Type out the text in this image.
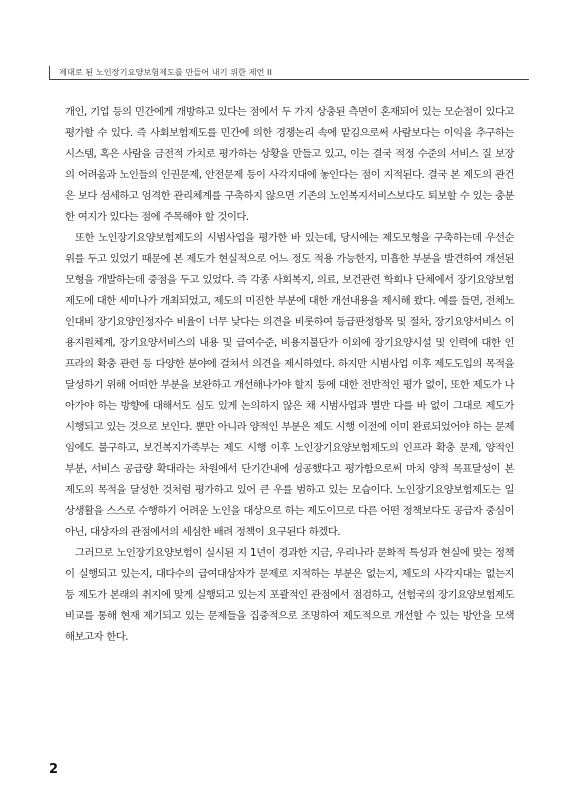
제대로 된 노인장기요양보험제도를 만들어 내기 위한 제언 II

개인, 기업 등의 민간에게 개방하고 있다는 점에서 두 가지 상충된 측면이 혼재되어 있는 모순점이 있다고 평가할 수 있다. 즉 사회보험제도를 민간에 의한 경쟁논리 속에 맡김으로써 사람보다는 이익을 추구하는 시스템, 혹은 사람을 금전적 가치로 평가하는 상황을 만들고 있고, 이는 결국 적정 수준의 서비스 질 보장의 어려움과 노인들의 인권문제, 안전문제 등이 사각지대에 놓인다는 점이 지적된다. 결국 본 제도의 관건은 보다 섬세하고 엄격한 관리체계를 구축하지 않으면 기존의 노인복지서비스보다도 퇴보할 수 있는 충분한 여지가 있다는 점에 주목해야 할 것이다.

또한 노인장기요양보험제도의 시범사업을 평가한 바 있는데, 당시에는 제도모형을 구축하는데 우선순위를 두고 있었기 때문에 본 제도가 현실적으로 어느 정도 적용 가능한지, 미흡한 부분을 발견하여 개선된 모형을 개발하는데 중점을 두고 있었다. 즉 각종 사회복지, 의료, 보건관련 학회나 단체에서 장기요양보험제도에 대한 세미나가 개최되었고, 제도의 미진한 부분에 대한 개선내용을 제시해 왔다. 예를 들면, 전체노인대비 장기요양인정자수 비율이 너무 낮다는 의견을 비롯하여 등급판정항목 및 절차, 장기요양서비스 이용지원체계, 장기요양서비스의 내용 및 급여수준, 비용지불단가 이외에 장기요양시설 및 인력에 대한 인프라의 확충 관련 등 다양한 분야에 걸쳐서 의견을 제시하였다. 하지만 시범사업 이후 제도도입의 목적을 달성하기 위해 어떠한 부분을 보완하고 개선해나가야 할지 등에 대한 전반적인 평가 없이, 또한 제도가 나아가야 하는 방향에 대해서도 심도 있게 논의하지 않은 채 시범사업과 별반 다를 바 없이 그대로 제도가 시행되고 있는 것으로 보인다. 뿐만 아니라 양적인 부분은 제도 시행 이전에 이미 완료되었어야 하는 문제임에도 불구하고, 보건복지가족부는 제도 시행 이후 노인장기요양보험제도의 인프라 확충 문제, 양적인 부분, 서비스 공급량 확대라는 차원에서 단기간내에 성공했다고 평가함으로써 마치 양적 목표달성이 본 제도의 목적을 달성한 것처럼 평가하고 있어 큰 우를 범하고 있는 모습이다. 노인장기요양보험제도는 일상생활을 스스로 수행하기 어려운 노인을 대상으로 하는 제도이므로 다른 어떤 정책보다도 공급자 중심이 아닌, 대상자의 관점에서의 세심한 배려 정책이 요구된다 하겠다.

그러므로 노인장기요양보험이 실시된 지 1년이 경과한 지금, 우리나라 문화적 특성과 현실에 맞는 정책이 실행되고 있는지, 대다수의 급여대상자가 문제로 지적하는 부분은 없는지, 제도의 사각지대는 없는지 등 제도가 본래의 취지에 맞게 실행되고 있는지 포괄적인 관점에서 점검하고, 선험국의 장기요양보험제도 비교를 통해 현재 제기되고 있는 문제들을 집중적으로 조명하여 제도적으로 개선할 수 있는 방안을 모색해보고자 한다.

2
